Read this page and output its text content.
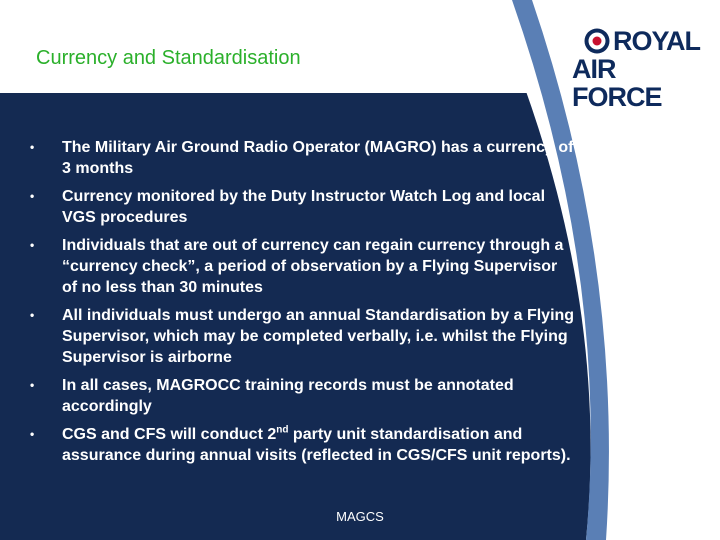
Currency and Standardisation
ROYAL
AIR FORCE
•	The Military Air Ground Radio Operator (MAGRO) has a currency of 3 months
•	Currency monitored by the Duty Instructor Watch Log and local VGS procedures
•	Individuals that are out of currency can regain currency through a “currency check”, a period of observation by a Flying Supervisor of no less than 30 minutes
•	All individuals must undergo an annual Standardisation by a Flying Supervisor, which may be completed verbally, i.e. whilst the Flying Supervisor is airborne
•	In all cases, MAGROCC training records must be annotated accordingly
•	CGS and CFS will conduct 2nd party unit standardisation and assurance during annual visits (reflected in CGS/CFS unit reports).
MAGCS
